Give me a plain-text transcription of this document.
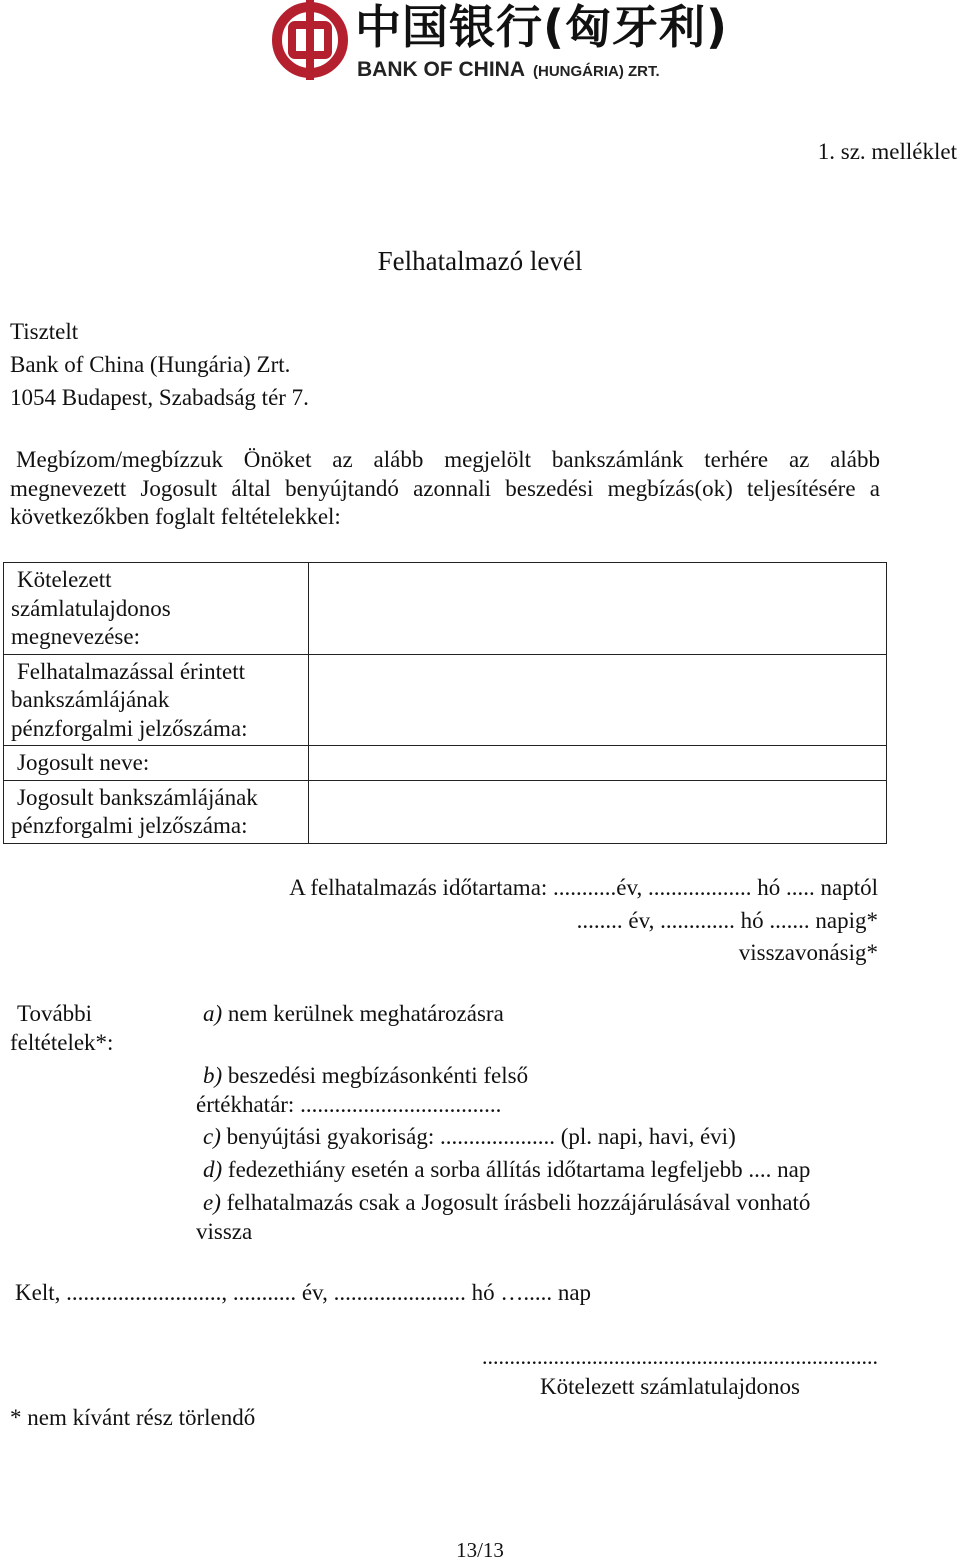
中国银行(匈牙利)
BANK OF CHINA (HUNGÁRIA) ZRT.
1. sz. melléklet
Felhatalmazó levél
Tisztelt
Bank of China (Hungária) Zrt.
1054 Budapest, Szabadság tér 7.
Megbízom/megbízzuk Önöket az alább megjelölt bankszámlánk terhére az alább megnevezett Jogosult által benyújtandó azonnali beszedési megbízás(ok) teljesítésére a következőkben foglalt feltételekkel:
Kötelezett
számlatulajdonos
megnevezése:	

Felhatalmazással érintett
bankszámlájának
pénzforgalmi jelzőszáma:	

Jogosult neve:	

Jogosult bankszámlájának
pénzforgalmi jelzőszáma:	

A felhatalmazás időtartama: ...........év, .................. hó ..... naptól
........ év, ............. hó ....... napig*
visszavonásig*
További
feltételek*:
a) nem kerülnek meghatározásra
b) beszedési megbízásonkénti felső
értékhatár: ...................................
c) benyújtási gyakoriság: .................... (pl. napi, havi, évi)
d) fedezethiány esetén a sorba állítás időtartama legfeljebb .... nap
e) felhatalmazás csak a Jogosult írásbeli hozzájárulásával vonható
vissza
Kelt, ..........................., ........... év, ....................... hó …..... nap
........................................................................
Kötelezett számlatulajdonos
* nem kívánt rész törlendő
13/13
